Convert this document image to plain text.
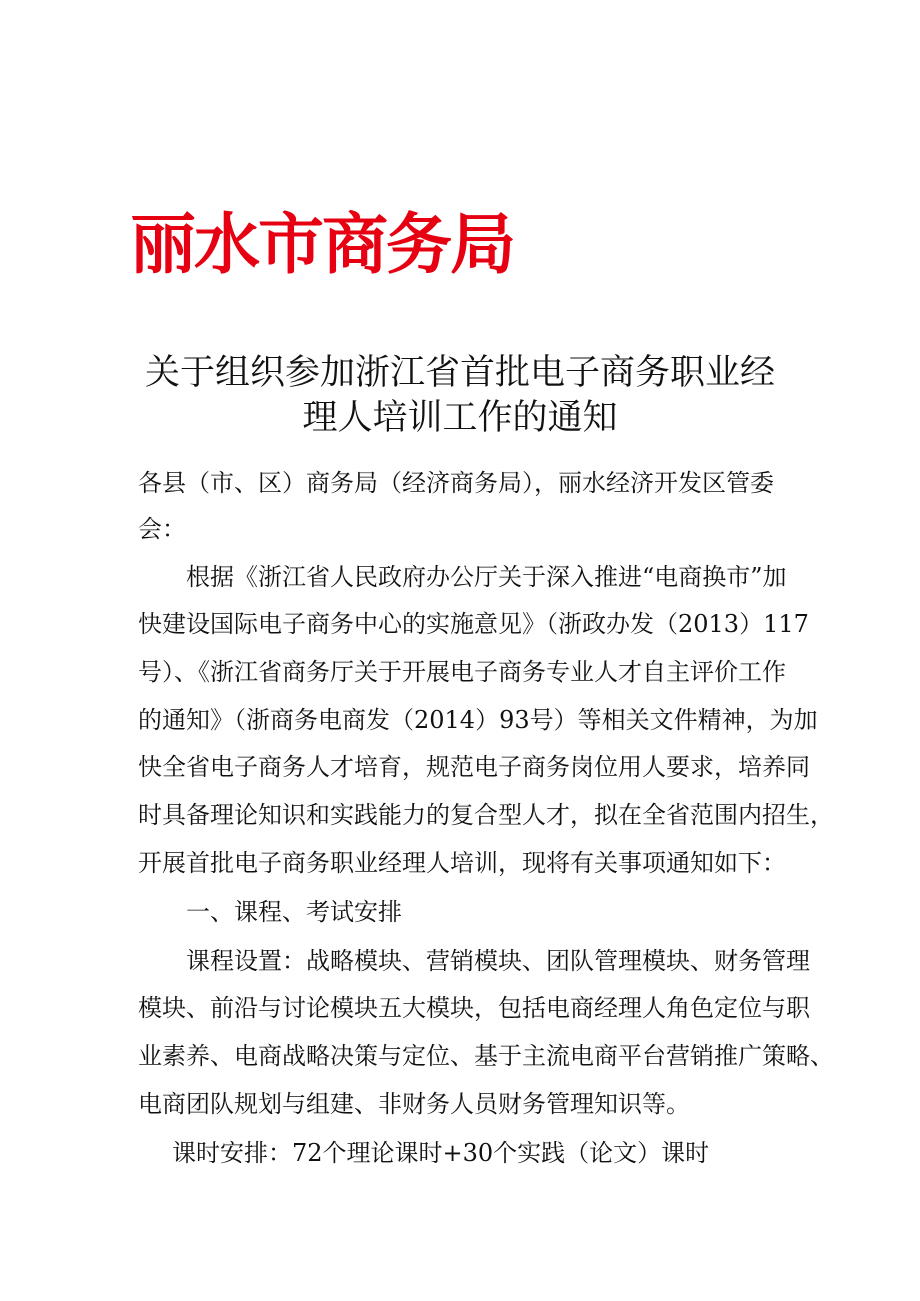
丽水市商务局
关于组织参加浙江省首批电子商务职业经
理人培训工作的通知
各县（市、区）商务局（经济商务局），丽水经济开发区管委
会：
根据《浙江省人民政府办公厅关于深入推进“电商换市”加
快建设国际电子商务中心的实施意见》（浙政办发（2013）117
号）、《浙江省商务厅关于开展电子商务专业人才自主评价工作
的通知》（浙商务电商发（2014）93号）等相关文件精神，为加
快全省电子商务人才培育，规范电子商务岗位用人要求，培养同
时具备理论知识和实践能力的复合型人才，拟在全省范围内招生，
开展首批电子商务职业经理人培训，现将有关事项通知如下：
一、课程、考试安排
课程设置：战略模块、营销模块、团队管理模块、财务管理
模块、前沿与讨论模块五大模块，包括电商经理人角色定位与职
业素养、电商战略决策与定位、基于主流电商平台营销推广策略、
电商团队规划与组建、非财务人员财务管理知识等。
课时安排：72个理论课时+30个实践（论文）课时
